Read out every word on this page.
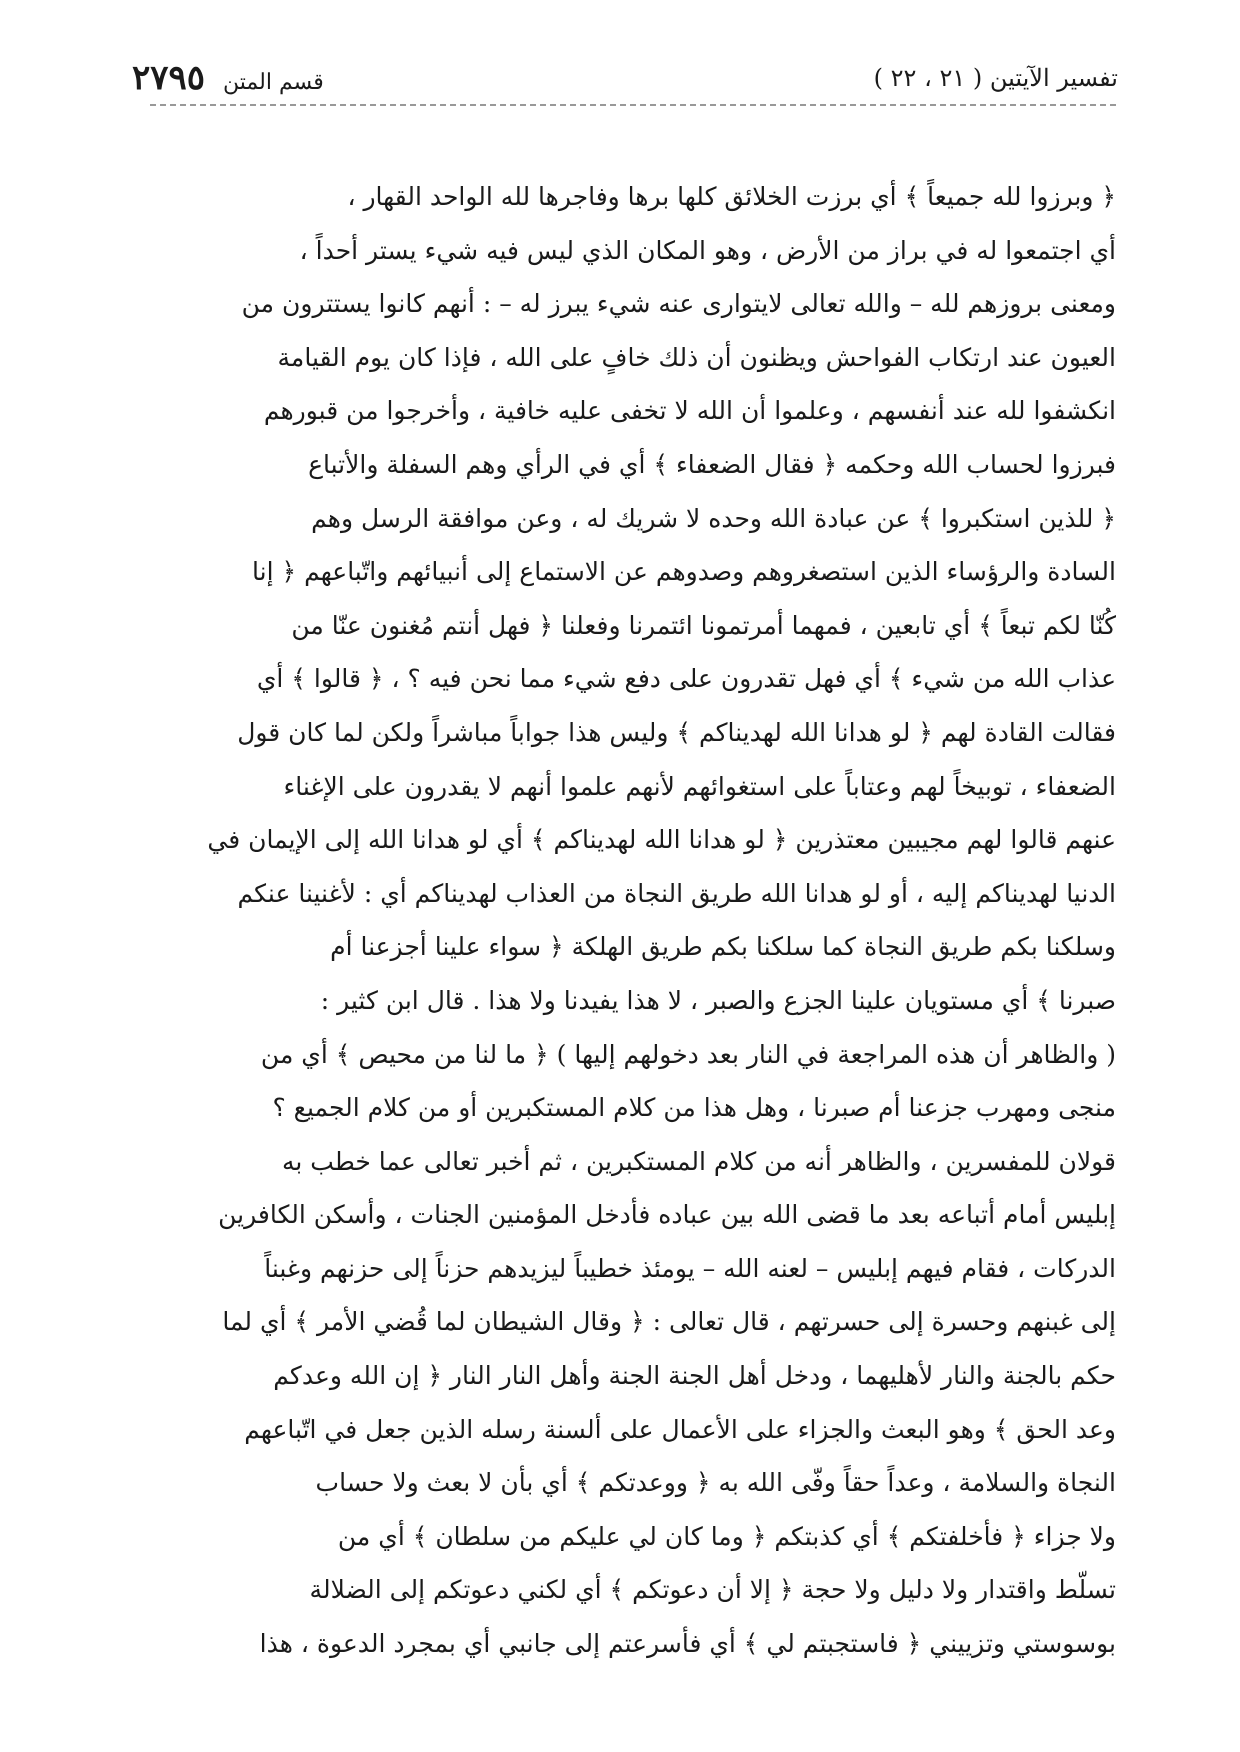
٢٧٩٥ قسم المتن	تفسير الآيتين ( ٢١ ، ٢٢ )
﴿ وبرزوا لله جميعاً ﴾ أي برزت الخلائق كلها برها وفاجرها لله الواحد القهار ،
أي اجتمعوا له في براز من الأرض ، وهو المكان الذي ليس فيه شيء يستر أحداً ،
ومعنى بروزهم لله – والله تعالى لايتوارى عنه شيء يبرز له – : أنهم كانوا يستترون من
العيون عند ارتكاب الفواحش ويظنون أن ذلك خافٍ على الله ، فإذا كان يوم القيامة
انكشفوا لله عند أنفسهم ، وعلموا أن الله لا تخفى عليه خافية ، وأخرجوا من قبورهم
فبرزوا لحساب الله وحكمه ﴿ فقال الضعفاء ﴾ أي في الرأي وهم السفلة والأتباع
﴿ للذين استكبروا ﴾ عن عبادة الله وحده لا شريك له ، وعن موافقة الرسل وهم
السادة والرؤساء الذين استصغروهم وصدوهم عن الاستماع إلى أنبيائهم واتّباعهم ﴿ إنا
كُنّا لكم تبعاً ﴾ أي تابعين ، فمهما أمرتمونا ائتمرنا وفعلنا ﴿ فهل أنتم مُغنون عنّا من
عذاب الله من شيء ﴾ أي فهل تقدرون على دفع شيء مما نحن فيه ؟ ، ﴿ قالوا ﴾ أي
فقالت القادة لهم ﴿ لو هدانا الله لهديناكم ﴾ وليس هذا جواباً مباشراً ولكن لما كان قول
الضعفاء ، توبيخاً لهم وعتاباً على استغوائهم لأنهم علموا أنهم لا يقدرون على الإغناء
عنهم قالوا لهم مجيبين معتذرين ﴿ لو هدانا الله لهديناكم ﴾ أي لو هدانا الله إلى الإيمان في
الدنيا لهديناكم إليه ، أو لو هدانا الله طريق النجاة من العذاب لهديناكم أي : لأغنينا عنكم
وسلكنا بكم طريق النجاة كما سلكنا بكم طريق الهلكة ﴿ سواء علينا أجزعنا أم
صبرنا ﴾ أي مستويان علينا الجزع والصبر ، لا هذا يفيدنا ولا هذا . قال ابن كثير :
( والظاهر أن هذه المراجعة في النار بعد دخولهم إليها ) ﴿ ما لنا من محيص ﴾ أي من
منجى ومهرب جزعنا أم صبرنا ، وهل هذا من كلام المستكبرين أو من كلام الجميع ؟
قولان للمفسرين ، والظاهر أنه من كلام المستكبرين ، ثم أخبر تعالى عما خطب به
إبليس أمام أتباعه بعد ما قضى الله بين عباده فأدخل المؤمنين الجنات ، وأسكن الكافرين
الدركات ، فقام فيهم إبليس – لعنه الله – يومئذ خطيباً ليزيدهم حزناً إلى حزنهم وغبناً
إلى غبنهم وحسرة إلى حسرتهم ، قال تعالى : ﴿ وقال الشيطان لما قُضي الأمر ﴾ أي لما
حكم بالجنة والنار لأهليهما ، ودخل أهل الجنة الجنة وأهل النار النار ﴿ إن الله وعدكم
وعد الحق ﴾ وهو البعث والجزاء على الأعمال على ألسنة رسله الذين جعل في اتّباعهم
النجاة والسلامة ، وعداً حقاً وفّى الله به ﴿ ووعدتكم ﴾ أي بأن لا بعث ولا حساب
ولا جزاء ﴿ فأخلفتكم ﴾ أي كذبتكم ﴿ وما كان لي عليكم من سلطان ﴾ أي من
تسلّط واقتدار ولا دليل ولا حجة ﴿ إلا أن دعوتكم ﴾ أي لكني دعوتكم إلى الضلالة
بوسوستي وتزييني ﴿ فاستجبتم لي ﴾ أي فأسرعتم إلى جانبي أي بمجرد الدعوة ، هذا
